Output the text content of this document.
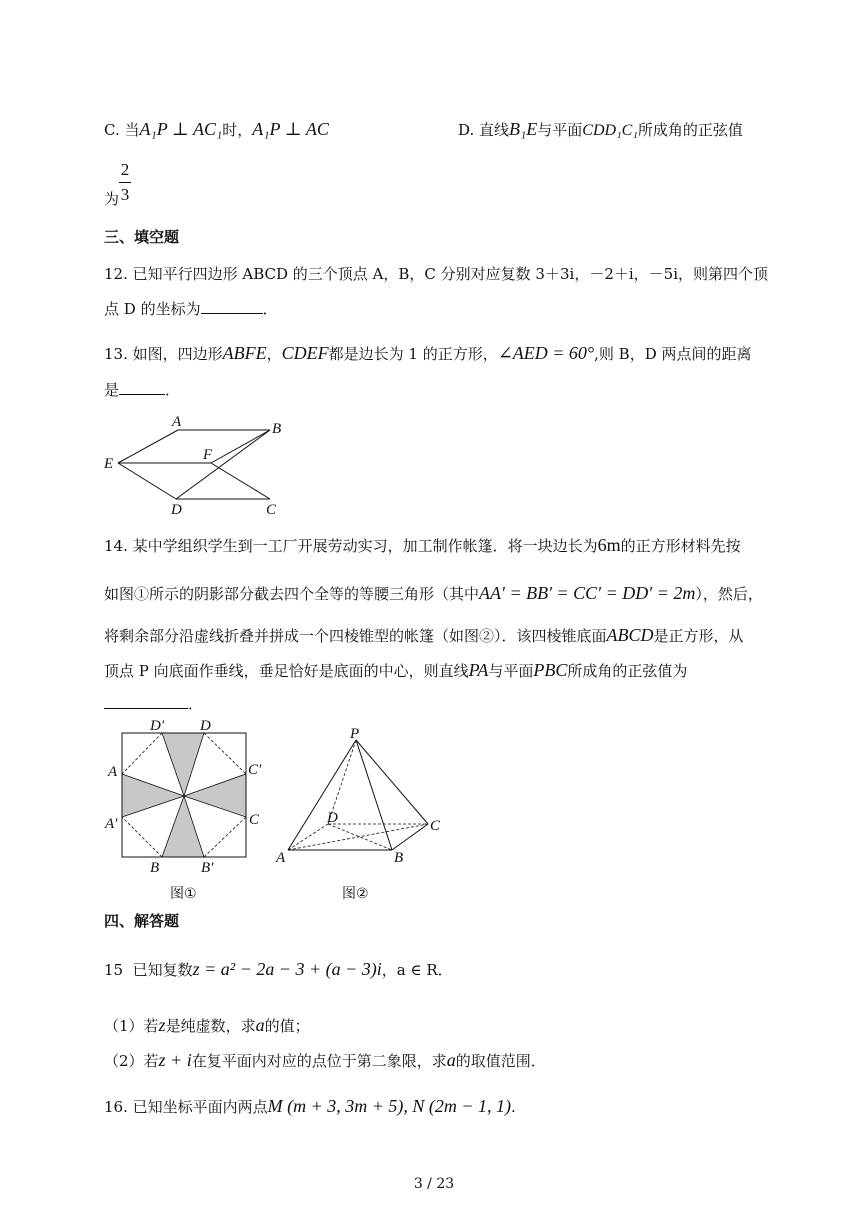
C. 当A₁P ⊥ AC₁时，A₁P ⊥ AC	D. 直线B₁E与平面CDD₁C₁所成角的正弦值
为
2
3
三、填空题
12. 已知平行四边形 ABCD 的三个顶点 A，B，C 分别对应复数 3＋3i，－2＋i，－5i，则第四个顶
点 D 的坐标为	．
13. 如图，四边形ABFE，CDEF都是边长为 1 的正方形，∠AED = 60°,则 B，D 两点间的距离
是	．
A	B
E
F
D	C
14. 某中学组织学生到一工厂开展劳动实习，加工制作帐篷．将一块边长为6m的正方形材料先按
如图①所示的阴影部分截去四个全等的等腰三角形（其中AA′ = BB′ = CC′ = DD′ = 2m），然后，
将剩余部分沿虚线折叠并拼成一个四棱锥型的帐篷（如图②）．该四棱锥底面ABCD是正方形，从
顶点 P 向底面作垂线，垂足恰好是底面的中心，则直线PA与平面PBC所成角的正弦值为
．
D′ D
A	C′
A′	C
B	B′
图①
P
D	C
A	B
图②
四、解答题
15 已知复数z = a² − 2a − 3 + (a − 3)i，a ∈ R．
（1）若z是纯虚数，求a的值；
（2）若z + i在复平面内对应的点位于第二象限，求a的取值范围．
16. 已知坐标平面内两点M (m + 3, 3m + 5), N (2m − 1, 1).
3 / 23
